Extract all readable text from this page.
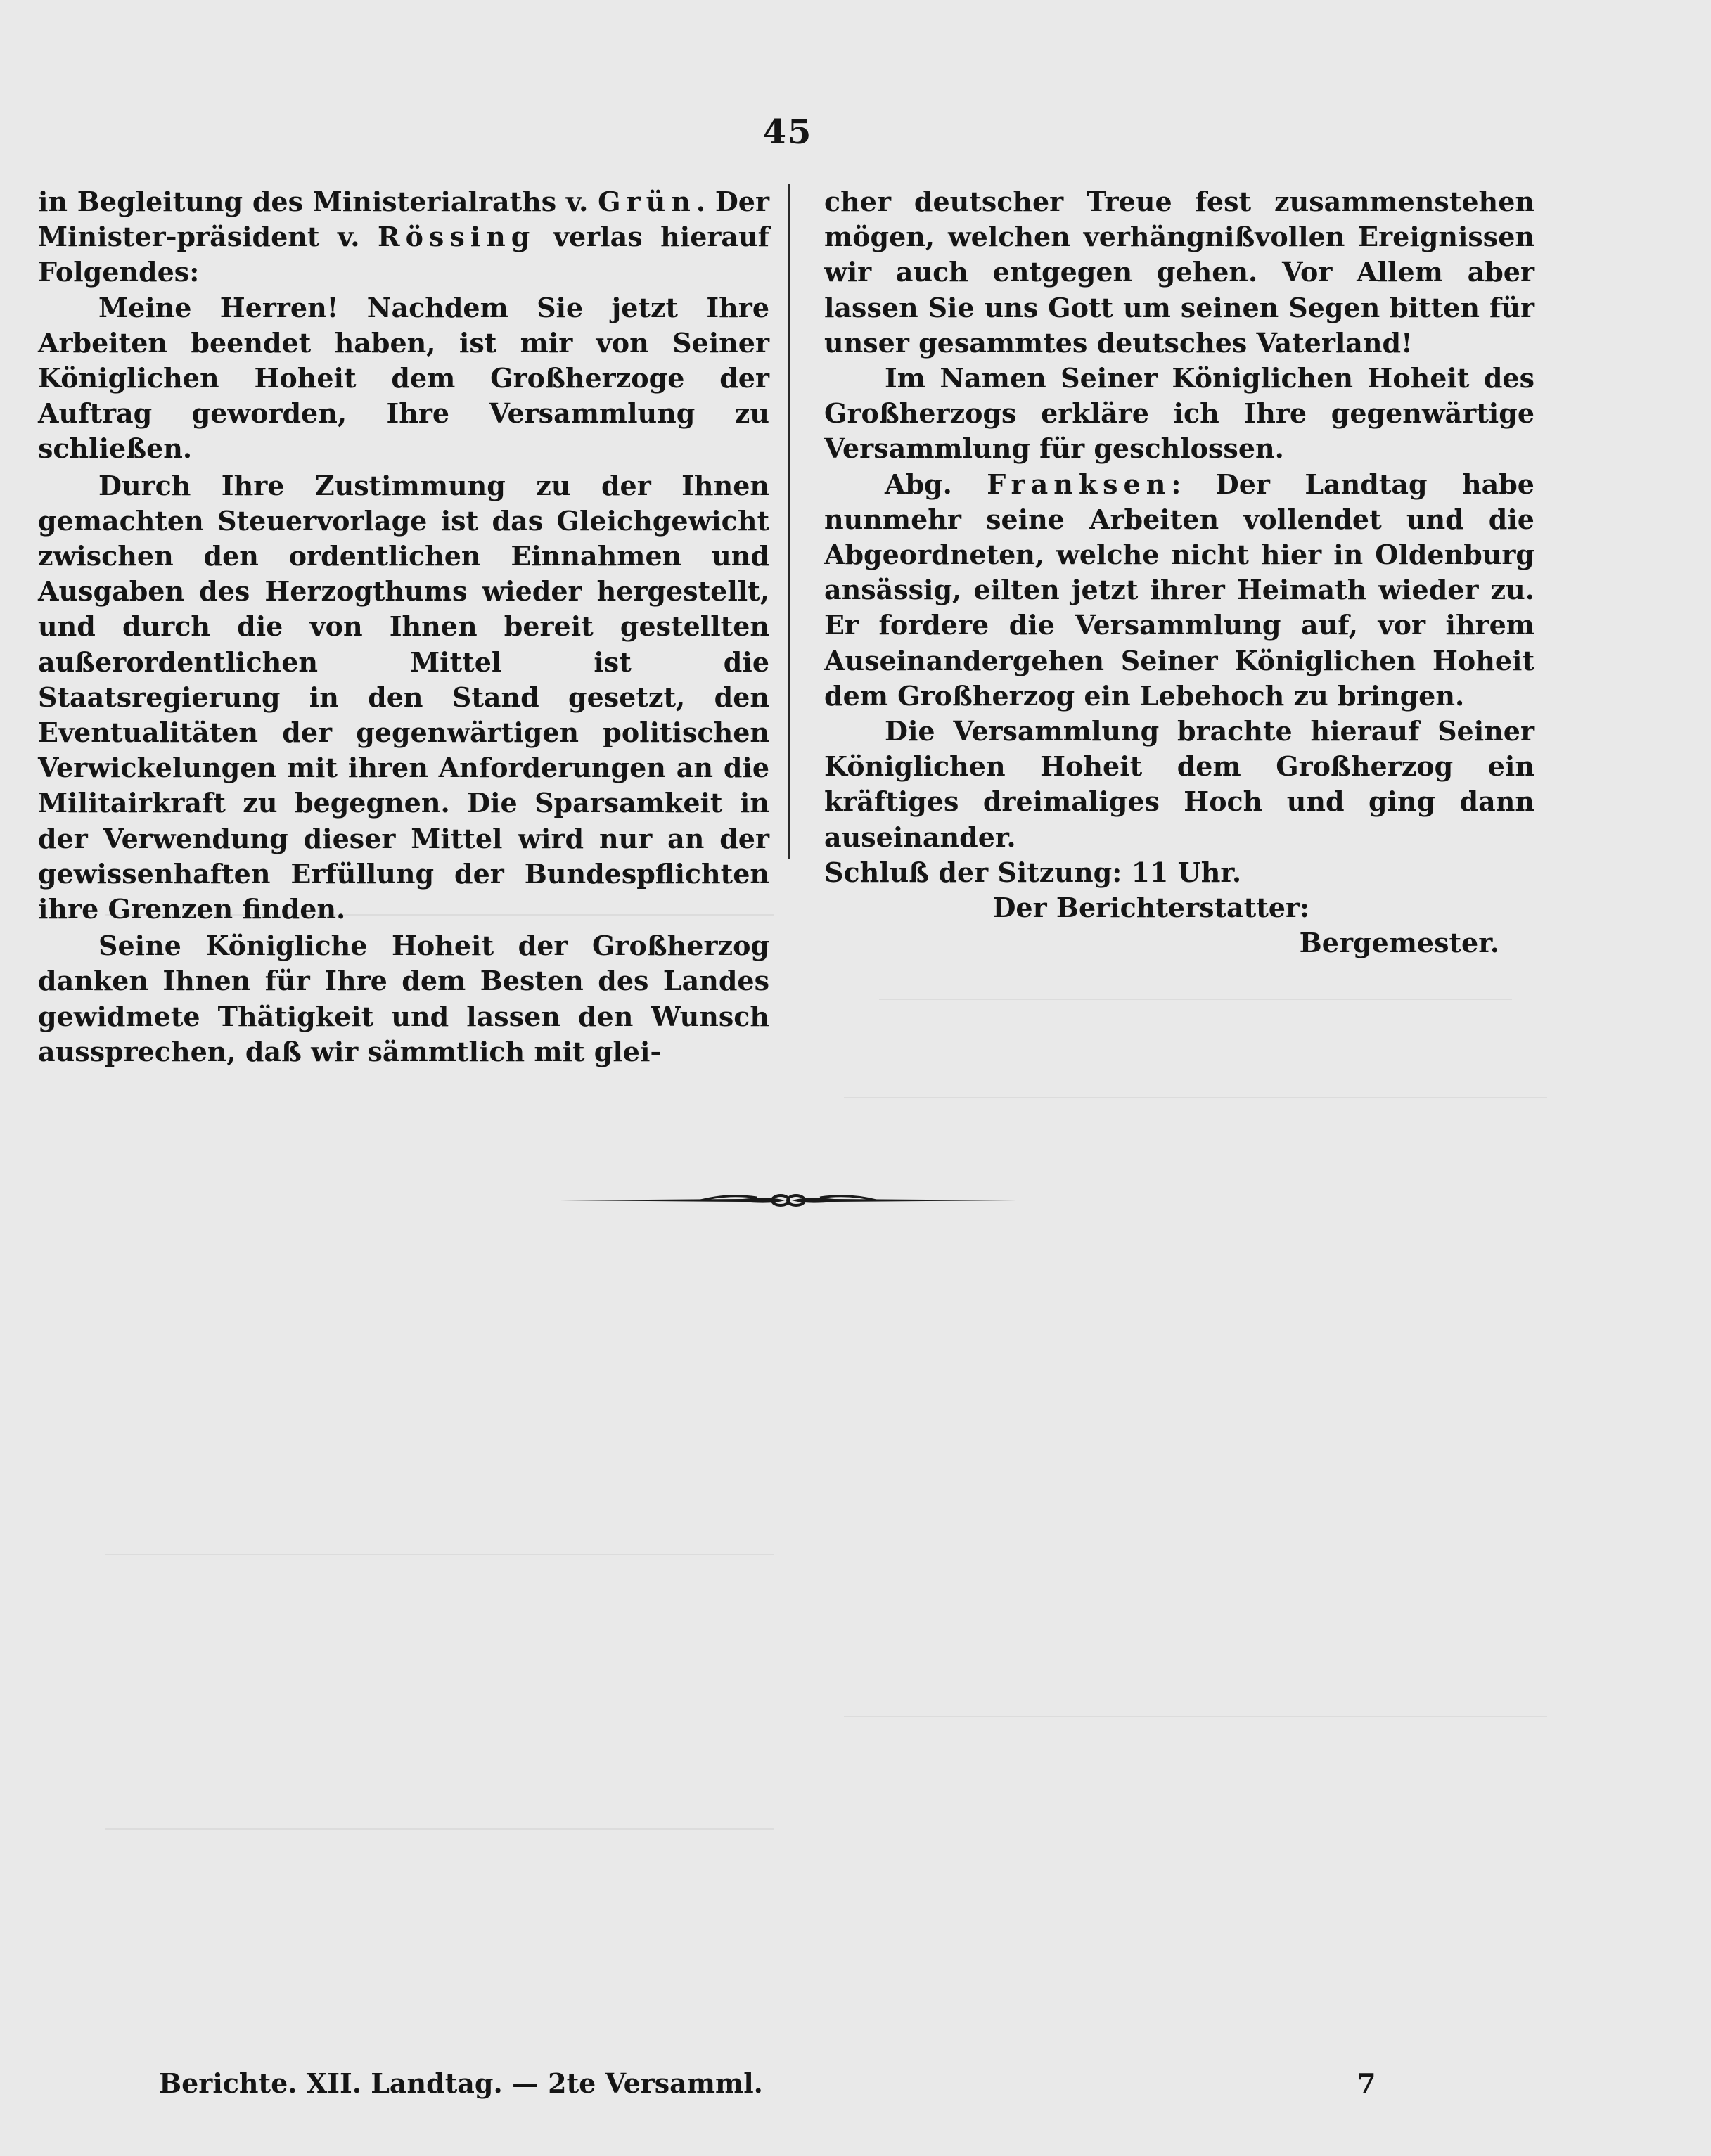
45

in Begleitung des Ministerialraths v. Grün. Der Minister-präsident v. Rössing verlas hierauf Folgendes:

Meine Herren! Nachdem Sie jetzt Ihre Arbeiten beendet haben, ist mir von Seiner Königlichen Hoheit dem Großherzoge der Auftrag geworden, Ihre Versammlung zu schließen.

Durch Ihre Zustimmung zu der Ihnen gemachten Steuervorlage ist das Gleichgewicht zwischen den ordentlichen Einnahmen und Ausgaben des Herzogthums wieder hergestellt, und durch die von Ihnen bereit gestellten außerordentlichen Mittel ist die Staatsregierung in den Stand gesetzt, den Eventualitäten der gegenwärtigen politischen Verwickelungen mit ihren Anforderungen an die Militairkraft zu begegnen. Die Sparsamkeit in der Verwendung dieser Mittel wird nur an der gewissenhaften Erfüllung der Bundespflichten ihre Grenzen finden.

Seine Königliche Hoheit der Großherzog danken Ihnen für Ihre dem Besten des Landes gewidmete Thätigkeit und lassen den Wunsch aussprechen, daß wir sämmtlich mit glei-

cher deutscher Treue fest zusammenstehen mögen, welchen verhängnißvollen Ereignissen wir auch entgegen gehen. Vor Allem aber lassen Sie uns Gott um seinen Segen bitten für unser gesammtes deutsches Vaterland!

Im Namen Seiner Königlichen Hoheit des Großherzogs erkläre ich Ihre gegenwärtige Versammlung für geschlossen.

Abg. Franksen: Der Landtag habe nunmehr seine Arbeiten vollendet und die Abgeordneten, welche nicht hier in Oldenburg ansässig, eilten jetzt ihrer Heimath wieder zu. Er fordere die Versammlung auf, vor ihrem Auseinandergehen Seiner Königlichen Hoheit dem Großherzog ein Lebehoch zu bringen.

Die Versammlung brachte hierauf Seiner Königlichen Hoheit dem Großherzog ein kräftiges dreimaliges Hoch und ging dann auseinander.

Schluß der Sitzung: 11 Uhr.

Der Berichterstatter:

Bergemester.

Berichte. XII. Landtag. — 2te Versamml.	7
